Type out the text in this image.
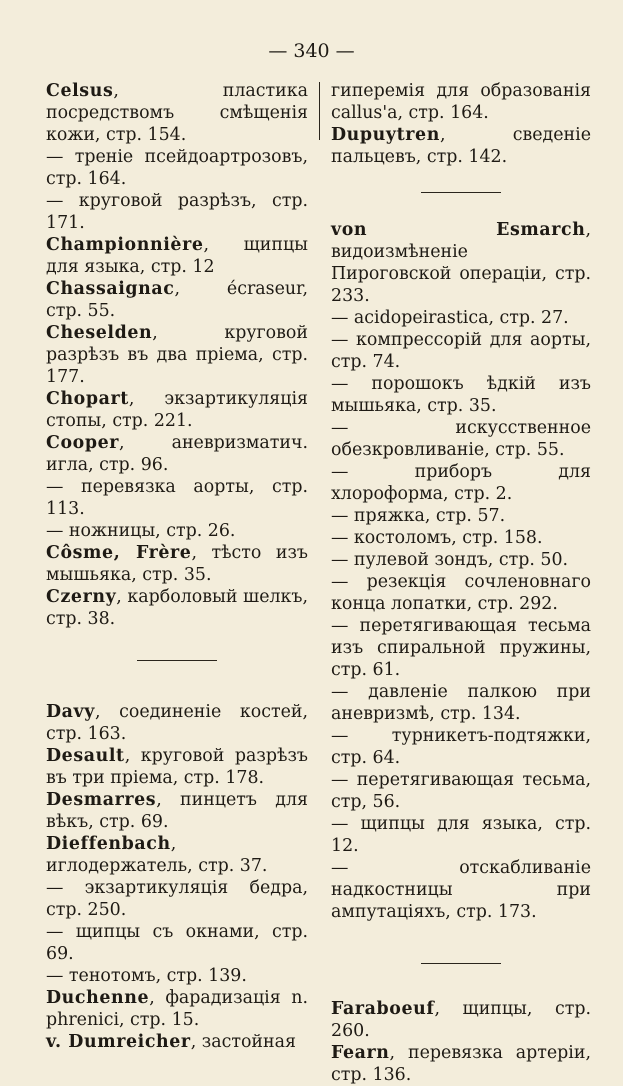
— 340 —
Celsus, пластика посредствомъ смѣщенія кожи, стр. 154.
— треніе псейдоартрозовъ, стр. 164.
— круговой разрѣзъ, стр. 171.
Championnière, щипцы для языка, стр. 12
Chassaignac, écraseur, стр. 55.
Cheselden, круговой разрѣзъ въ два пріема, стр. 177.
Chopart, экзартикуляція стопы, стр. 221.
Cooper, аневризматич. игла, стр. 96.
— перевязка аорты, стр. 113.
— ножницы, стр. 26.
Côsme, Frère, тѣсто изъ мышьяка, стр. 35.
Czerny, карболовый шелкъ, стр. 38.
Davy, соединеніе костей, стр. 163.
Desault, круговой разрѣзъ въ три пріема, стр. 178.
Desmarres, пинцетъ для вѣкъ, стр. 69.
Dieffenbach, иглодержатель, стр. 37.
— экзартикуляція бедра, стр. 250.
— щипцы съ окнами, стр. 69.
— тенотомъ, стр. 139.
Duchenne, фарадизація n. phrenici, стр. 15.
v. Dumreicher, застойная
гиперемія для образованія callus'a, стр. 164.
Dupuytren, сведеніе пальцевъ, стр. 142.
von Esmarch, видоизмѣненіе Пироговской операціи, стр. 233.
— acidopeirastica, стр. 27.
— компрессорій для аорты, стр. 74.
— порошокъ ѣдкій изъ мышьяка, стр. 35.
— искусственное обезкровливаніе, стр. 55.
— приборъ для хлороформа, стр. 2.
— пряжка, стр. 57.
— костоломъ, стр. 158.
— пулевой зондъ, стр. 50.
— резекція сочленовнаго конца лопатки, стр. 292.
— перетягивающая тесьма изъ спиральной пружины, стр. 61.
— давленіе палкою при аневризмѣ, стр. 134.
— турникетъ-подтяжки, стр. 64.
— перетягивающая тесьма, стр, 56.
— щипцы для языка, стр. 12.
— отскабливаніе надкостницы при ампутаціяхъ, стр. 173.
Faraboeuf, щипцы, стр. 260.
Fearn, перевязка артеріи, стр. 136.
